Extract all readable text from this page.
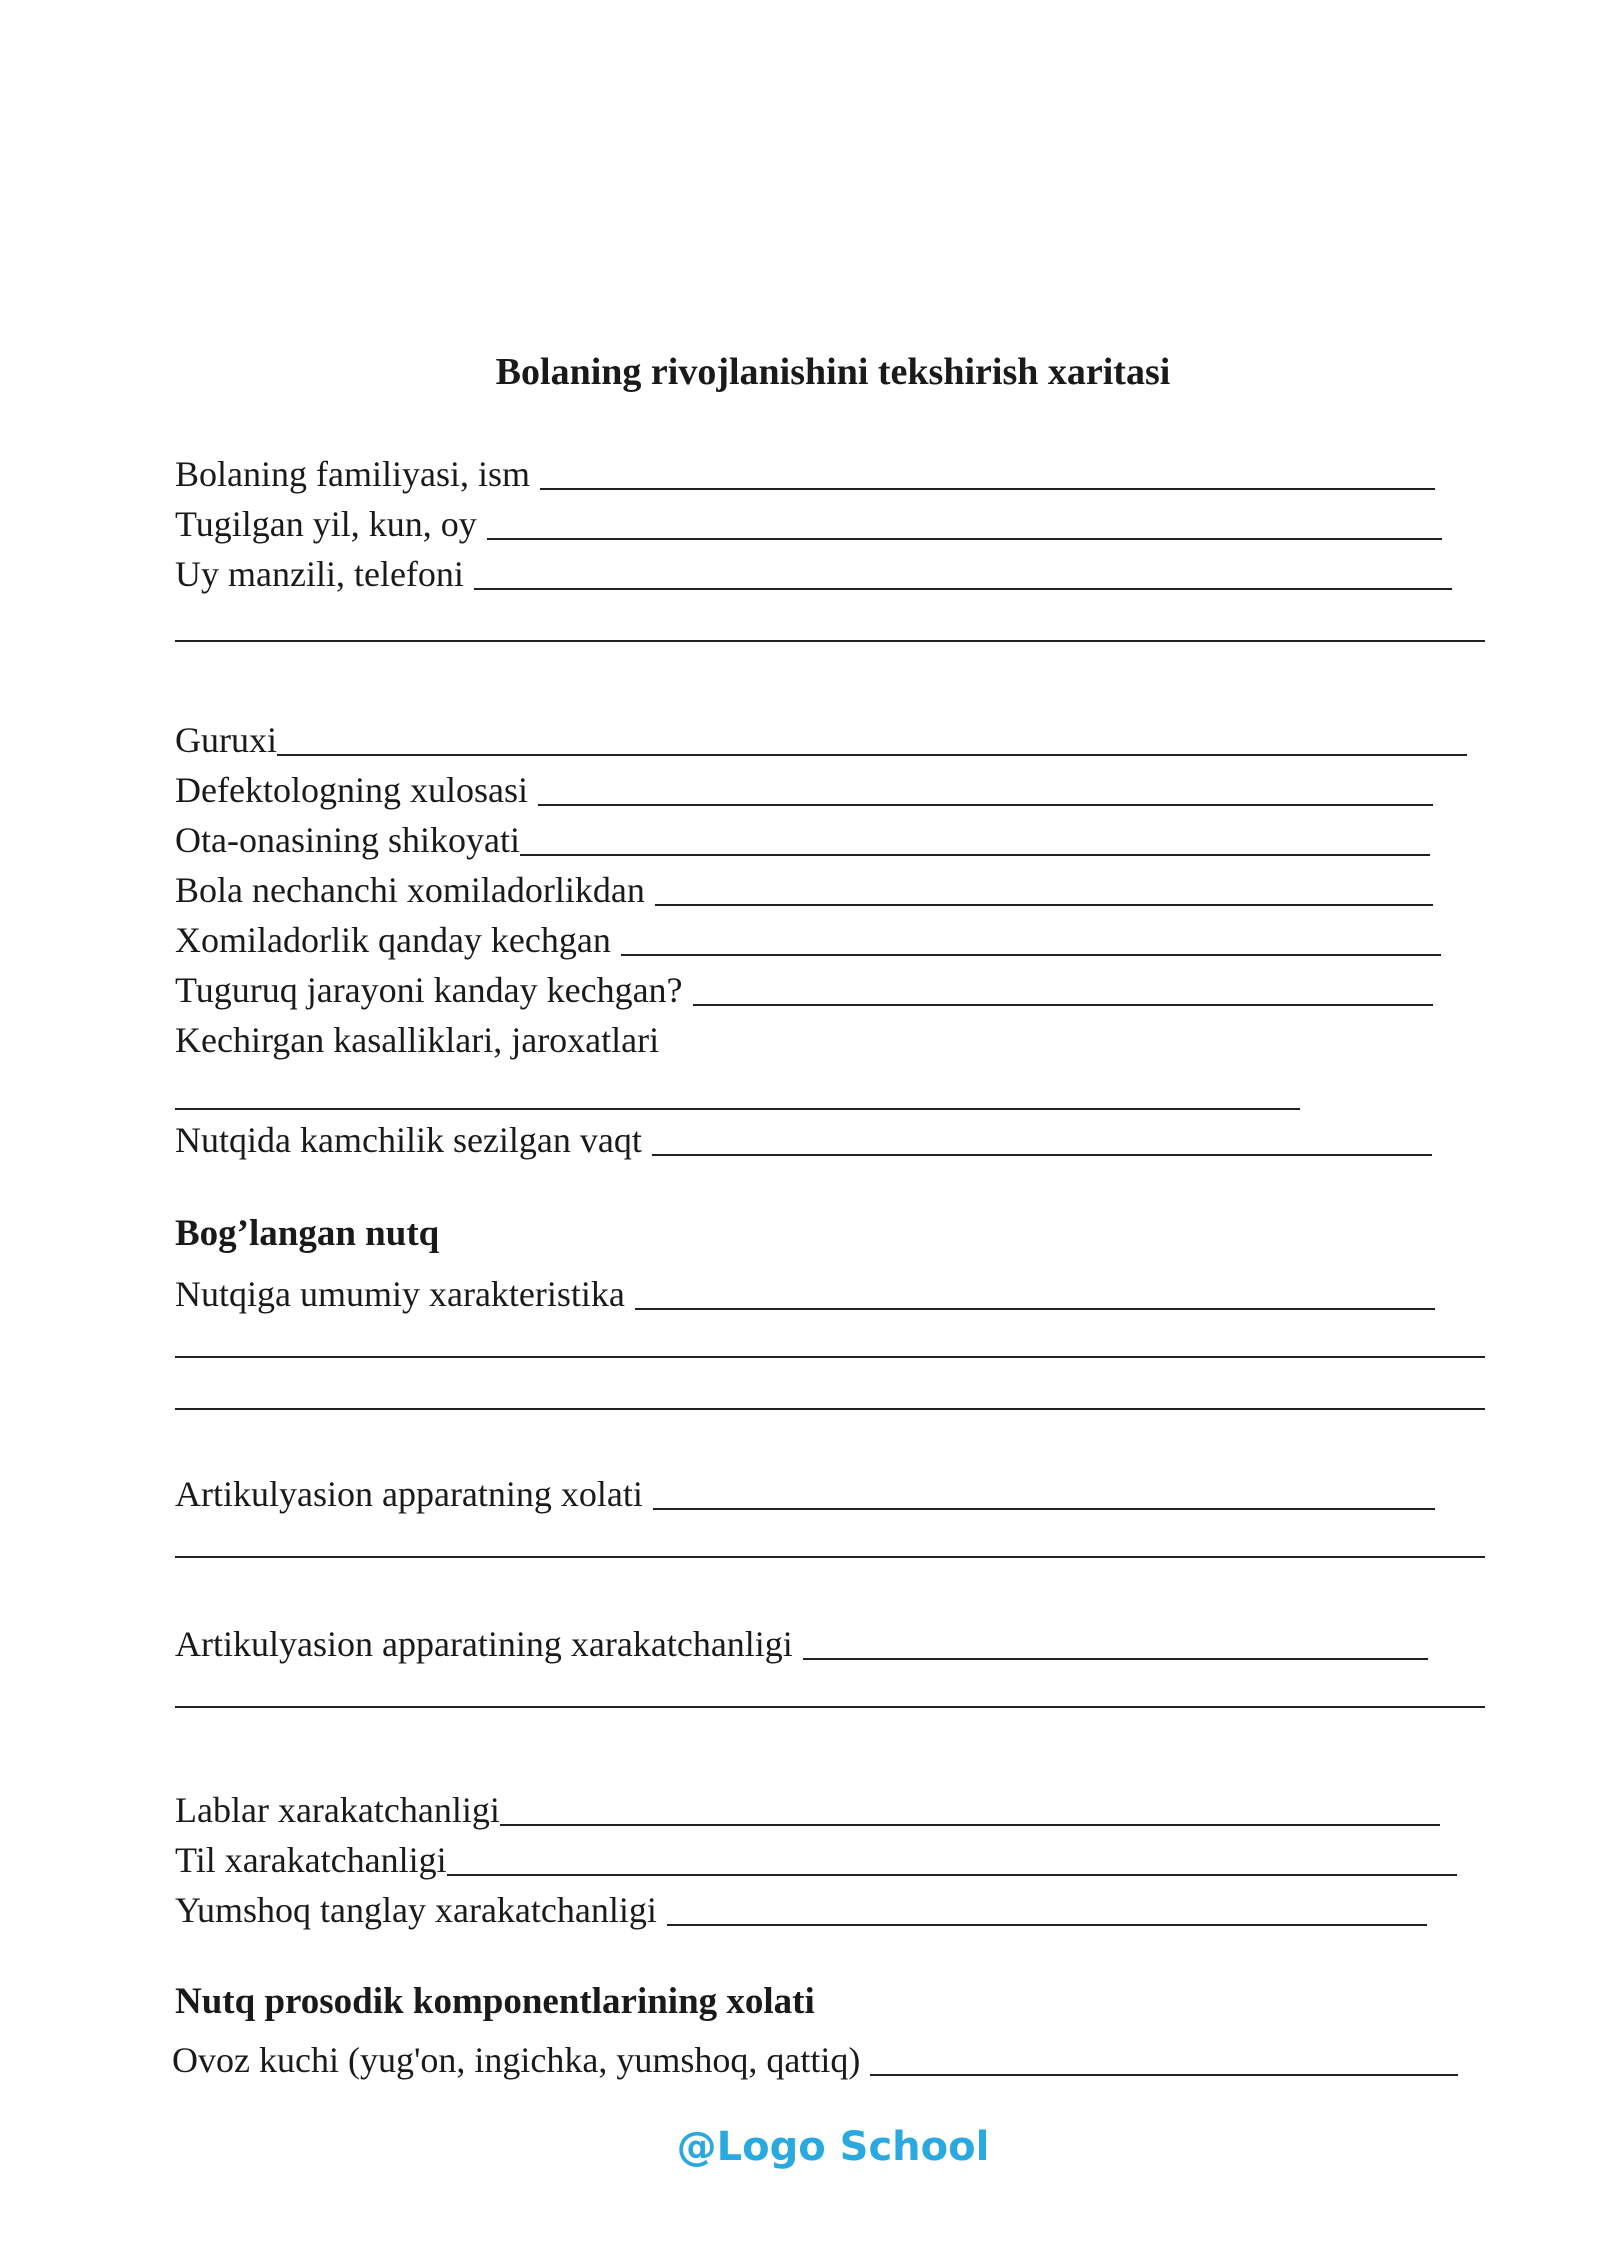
Bolaning rivojlanishini tekshirish xaritasi
Bolaning familiyasi, ism
Tugilgan yil, kun, oy
Uy manzili, telefoni
Guruxi
Defektologning xulosasi
Ota-onasining shikoyati
Bola nechanchi xomiladorlikdan
Xomiladorlik qanday kechgan
Tuguruq jarayoni kanday kechgan?
Kechirgan kasalliklari, jaroxatlari
Nutqida kamchilik sezilgan vaqt
Bog’langan nutq
Nutqiga umumiy xarakteristika
Artikulyasion apparatning xolati
Artikulyasion apparatining xarakatchanligi
Lablar xarakatchanligi
Til xarakatchanligi
Yumshoq tanglay xarakatchanligi
Nutq prosodik komponentlarining xolati
Ovoz kuchi (yug'on, ingichka, yumshoq, qattiq)
@Logo School
